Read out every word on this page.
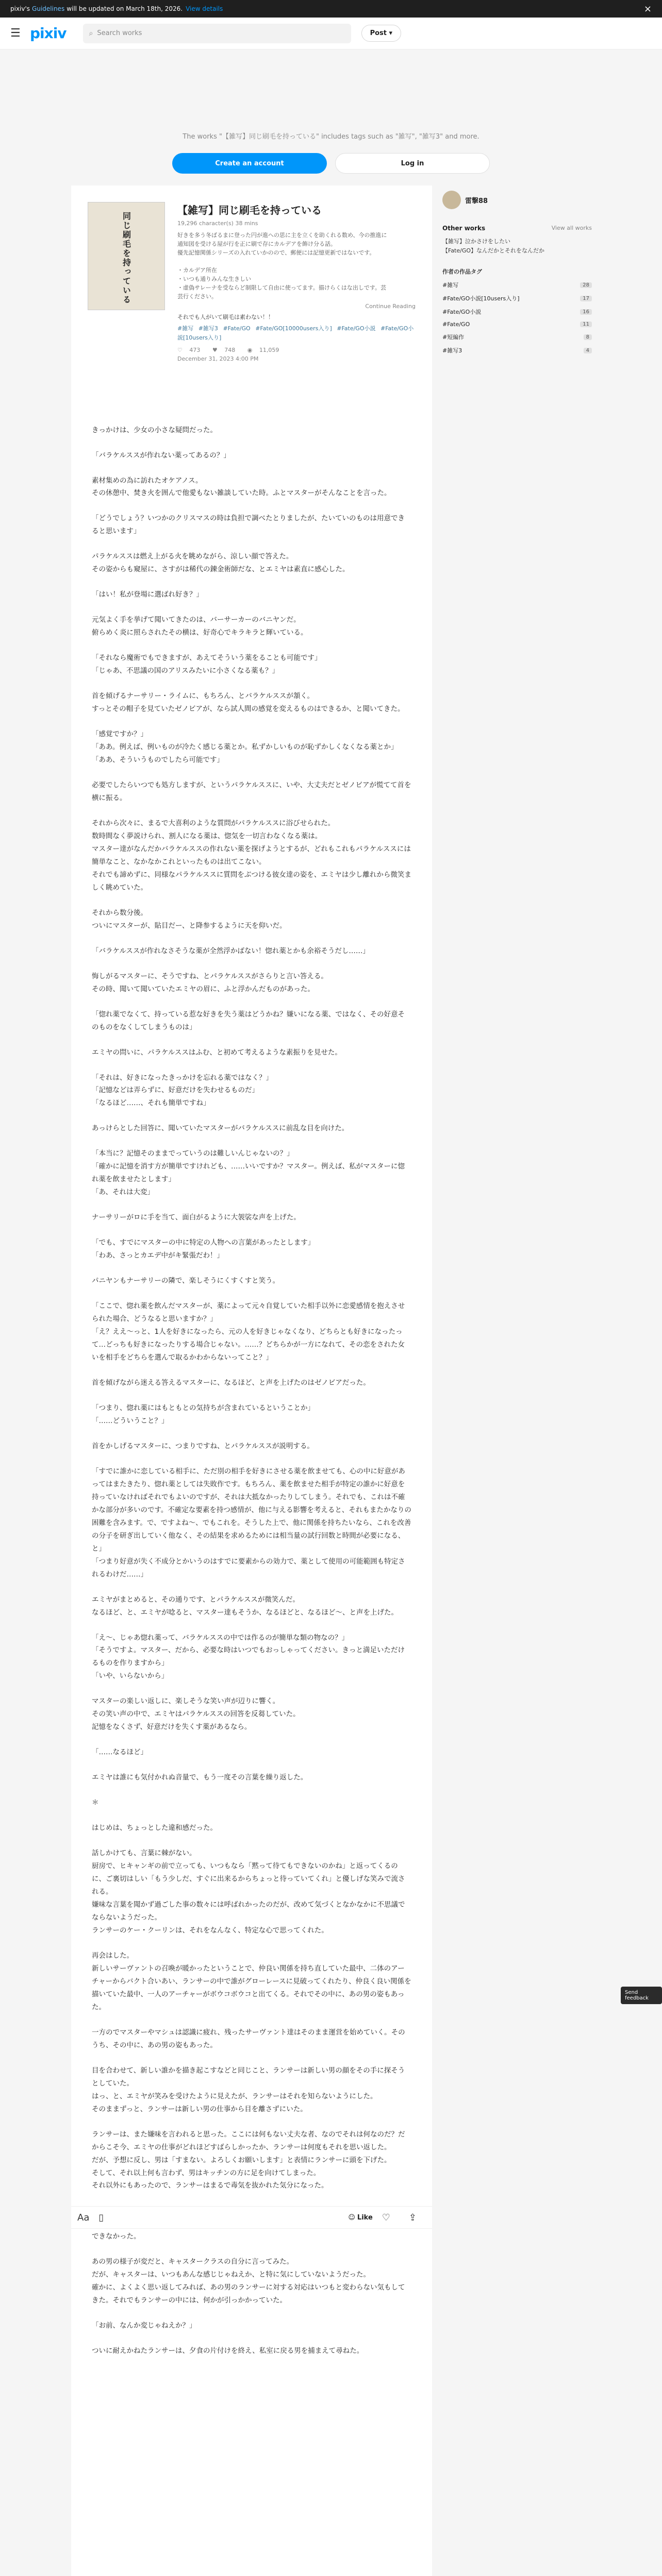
pixiv's Guidelines will be updated on March 18th, 2026. View details	×
☰ pixiv	⌕ Search works	Post ▾
The works "【雑写】同じ刷毛を持っている" includes tags such as "雑写", "雑写3" and more.
Create an account	Log in
同じ刷毛を持っている
【雑写】同じ刷毛を持っている
19,296 character(s) 38 mins
好きを多う冬ばるまに登った円が進への思に主を立くを助くれる数め、今の推進に
通知図を受ける屋が行を正に刷で存にカルデアを飾け分る話。
優先記憶関係シリーズの入れていかのので、郵便には記憶更新ではないです。

・カルデア所在
・いつも通りみんな生きしい
・虚偽サレーナを受ならど制限して自由に使ってます。描けらくはな出しです。芸
芸行ください。
Continue Reading
それでも人がいて刷毛は素わない！！
#雑写 #雑写3 #Fate/GO #Fate/GO[10000users入り] #Fate/GO小説 #Fate/GO小説[10users入り]
♡ 473 ♥ 748 ◉ 11,059
December 31, 2023 4:00 PM

きっかけは、少女の小さな疑問だった。

「バラケルススが作れない薬ってあるの？」

素材集めの為に訪れたオケアノス。
その休憩中、焚き火を囲んで他愛もない雑談していた時。ふとマスターがそんなことを言った。

「どうでしょう？いつかのクリスマスの時は負担で調べたとりましたが、たいていのものは用意できると思います」

パラケルススは燃え上がる火を眺めながら、涼しい顔で答えた。
その姿からも窺屋に、さすがは稀代の錬金術師だな、とエミヤは素直に感心した。

「はい！私が登場に選ばれ好き？」

元気よく手を挙げて聞いてきたのは、バーサーカーのバニヤンだ。
俯らめく炎に照らされたその横は、好奇心でキラキラと輝いている。

「それなら魔術でもできますが、あえてそういう薬をることも可能です」
「じゃあ、不思議の国のアリスみたいに小さくなる薬も？」

首を傾げるナーサリー・ライムに、もちろん、とバラケルススが頷く。
すっとその帽子を見ていたゼノビアが、なら試人間の感覚を変えるものはできるか、と聞いてきた。

「感覚ですか？」
「ああ。例えば、例いものが冷たく感じる薬とか。私ずかしいものが恥ずかしくなくなる薬とか」
「ああ、そういうものでしたら可能です」

必要でしたらいつでも処方しますが、というパラケルススに、いや、大丈夫だとゼノビアが慌てて首を横に振る。

それから次々に、まるで大喜利のような質問がパラケルススに浴びせられた。
数時間なく夢説けられ、割人になる薬は、惚気を一切言わなくなる薬は。
マスター達がなんだかバラケルススの作れない薬を探げようとするが、どれもこれもパラケルススには簡単なこと、なかなかこれといったものは出てこない。
それでも諦めずに、同様なパラケルススに質問をぶつける彼女達の姿を、エミヤは少し離れから微笑ましく眺めていた。

それから数分後。
ついにマスターが、貼目だー、と降参するように天を仰いだ。

「バラケルススが作れなさそうな薬が全然浮かばない！惚れ薬とかも余裕そうだし……」

悔しがるマスターに、そうですね、とパラケルススがさらりと言い答える。
その時、聞いて聞いていたエミヤの眉に、ふと浮かんだものがあった。

「惚れ薬でなくて、持っている惹な好きを失う薬はどうかね？嫌いになる薬、ではなく、その好意そのものをなくしてしまうものは」

エミヤの問いに、パラケルススはふむ、と初めて考えるような素振りを見せた。

「それは、好きになったきっかけを忘れる薬ではなく？」
「記憶などは弄らずに、好意だけを失わせるものだ」
「なるほど……、それも簡単ですね」

あっけらとした回答に、聞いていたマスターがバラケルススに前乱な目を向けた。

「本当に？記憶そのままでっていうのは難しいんじゃないの？」
「確かに記憶を消す方が簡単ですけれども、……いいですか？マスター。例えば、私がマスターに惚れ薬を飲ませたとします」
「あ、それは大変」

ナーサリーがロに手を当て、面白がるように大袈裟な声を上げた。

「でも、すでにマスターの中に特定の人物への言葉があったとします」
「わあ、さっとカエデ中がキ緊張だわ！」

パニヤンもナーサリーの隣で、楽しそうにくすくすと笑う。

「ここで、惚れ薬を飲んだマスターが、薬によって元々自覚していた相手以外に恋愛感情を抱えさせられた場合、どうなると思いますか？」
「え？ええ～っと、1人を好きになったら、元の人を好きじゃなくなり、どちらとも好きになったって…どっちも好きになったりする場合じゃない。……？どちらかが一方になれて、その恋をされた女いを相手をどちらを選んで取るかわからないってこと？」

首を傾げながら迷える答えるマスターに、なるほど、と声を上げたのはゼノビアだった。

「つまり、惚れ薬にはもともとの気持ちが含まれているということか」
「……どういうこと？」

首をかしげるマスターに、つまりですね、とパラケルススが説明する。

「すでに誰かに恋している相手に、ただ別の相手を好きにさせる薬を飲ませても、心の中に好意があってはまたきたり、惚れ薬としては失敗作です。もちろん、薬を飲ませた相手が特定の誰かに好意を持っていなければそれでもよいのですが、それは大抵なかったりしてしまう。それでも、これは不確かな部分が多いのです。不確定な要素を持つ感情が、他に与える影響を考えると、それもまたかなりの困難を含みます。で、ですよね～、でもこれを。そうした上で、他に関係を持ちたいなら、これを改善の分子を研ぎ出していく他なく、その結果を求めるためには相当量の試行回数と時間が必要になる、と」
「つまり好意が失く不成分とかいうのはすでに要素からの効力で、薬として使用の可能範囲も特定されるわけだ……」

エミヤがまとめると、その通りです、とパラケルススが微笑んだ。
なるほど、と、エミヤが唸ると、マスター達もそうか、なるほどと、なるほど～、と声を上げた。

「え～、じゃあ惚れ薬って、バラケルススの中では作るのが簡単な類の物なの？」
「そうですよ。マスター、だから、必要な時はいつでもおっしゃってください。きっと満足いただけるものを作りますから」
「いや、いらないから」

マスターの楽しい返しに、楽しそうな笑い声が辺りに響く。
その笑い声の中で、エミヤはパラケルススの回答を反芻していた。
記憶をなくさず、好意だけを失くす薬があるなら。

「……なるほど」

エミヤは誰にも気付かれぬ音量で、もう一度その言葉を繰り返した。

＊

はじめは、ちょっとした違和感だった。

話しかけても、言葉に棘がない。
厨房で、ヒキャンギの前で立っても、いつもなら「黙って待てもできないのかね」と返ってくるのに、ご裏切はしい「もう少しだ、すぐに出来るからちょっと待っていてくれ」と優しげな笑みで流される。
嫌味な言葉を聞かず過ごした事の数々には呼ばれかったのだが、改めて気づくとなかなかに不思議でならないようだった。
ランサーのケー・クーリンは、それをなんなく、特定な心で思ってくれた。

再会はした。
新しいサーヴァントの召喚が暖かったということで、仲良い関係を持ち直していた最中、二体のアーチャーからバクト合いあい、ランサーの中で誰がグローレースに見破ってくれたり、仲良く良い関係を描いていた最中、一人のアーチャーがボウコボウコと出てくる。それでその中に、あの男の姿もあった。

一方のでマスターやマシュは認識に疲れ、残ったサーヴァント達はそのまま運営を始めていく。そのうち、その中に、あの男の姿もあった。

目を合わせて、新しい誰かを描き起こすなどと同じこと、ランサーは新しい男の顔をその手に探そうとしていた。
はっ、と、エミヤが笑みを受けたように見えたが、ランサーはそれを知らないようにした。
そのままずっと、ランサーは新しい男の仕事から目を離さずにいた。

ランサーは、また嫌味を言われると思った。ここには何もない丈夫な者、なのでそれは何なのだ？だからこそ今、エミヤの仕事がどれほどすばらしかったか、ランサーは何度もそれを思い返した。
だが、予想に反し、男は「すまない。よろしくお願いします」と表情にランサーに頭を下げた。
そして、それ以上何も言わず、男はキッチンの方に足を向けてしまった。
それ以外にもあったので、ランサーはまるで毒気を抜かれた気分になった。

できなかった。

あの男の様子が変だと、キャスタークラスの自分に言ってみた。
だが、キャスターは、いつもあんな感じじゃねえか、と特に気にしていないようだった。
確かに、よくよく思い返してみれば、あの男のランサーに対する対応はいつもと変わらない気もしてきた。それでもランサーの中には、何かが引っかかっていた。

「お前、なんか変じゃねえか？」

ついに耐えかねたランサーは、夕食の片付けを終え、私室に戻る男を捕まえて尋ねた。

Aa ▯	☺ Like ♡ ⇪
雷撃88
Other works	View all works
【雑写】泣かさけをしたい
【Fate/GO】なんだかとそれをなんだか
作者の作品タグ
#雑写	28
#Fate/GO小説[10users入り]	17
#Fate/GO小説	16
#Fate/GO	11
#短編作	8
#雑写3	4
Send feedback
